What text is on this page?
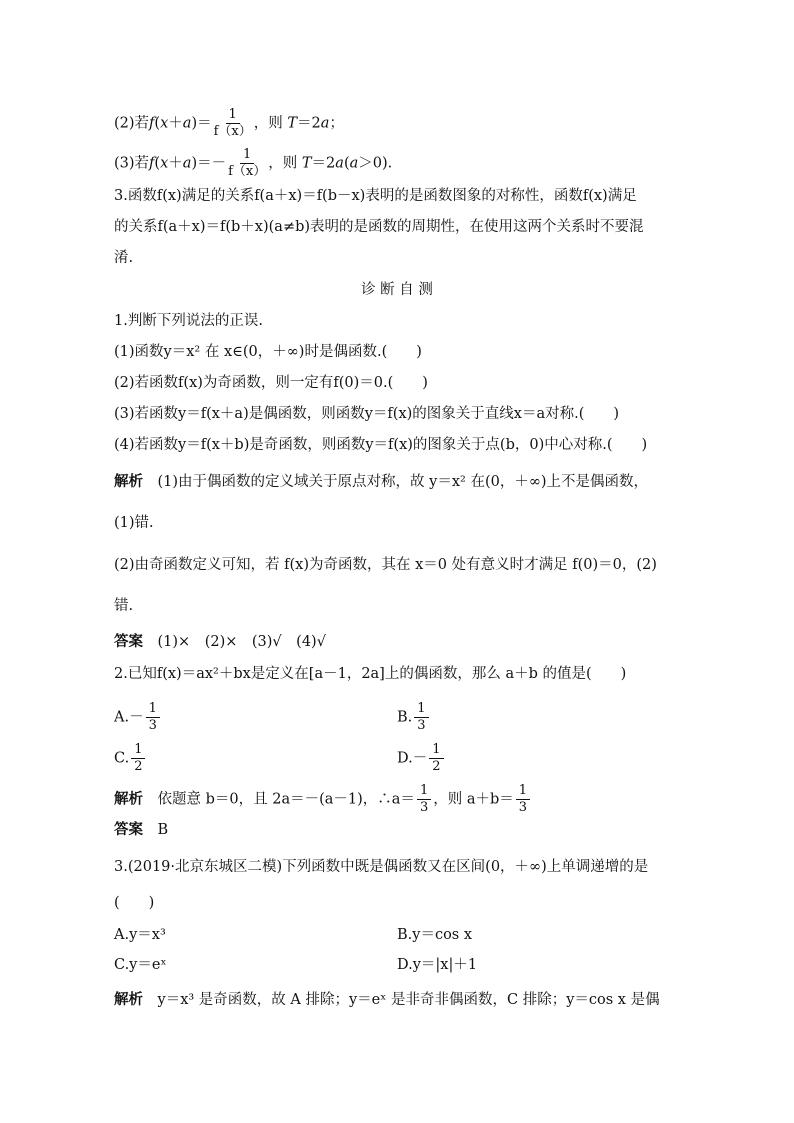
(2)若$f(x+a)= \frac{1}{f(x)}$ ，则 T＝2a；
(3)若$f(x+a)=- \frac{1}{f(x)}$ ，则 T＝2a(a＞0).
3.函数f(x)满足的关系f(a＋x)＝f(b－x)表明的是函数图象的对称性，函数f(x)满足
的关系f(a＋x)＝f(b＋x)(a≠b)表明的是函数的周期性，在使用这两个关系时不要混
淆.
诊 断 自 测
1.判断下列说法的正误.
(1)函数y＝x² 在 x∈(0，＋∞)时是偶函数.(　　)
(2)若函数f(x)为奇函数，则一定有f(0)＝0.(　　)
(3)若函数y＝f(x＋a)是偶函数，则函数y＝f(x)的图象关于直线x＝a对称.(　　)
(4)若函数y＝f(x＋b)是奇函数，则函数y＝f(x)的图象关于点(b，0)中心对称.(　　)
解析　 (1)由于偶函数的定义域关于原点对称，故 y＝x² 在(0，＋∞)上不是偶函数，
(1)错.
(2)由奇函数定义可知，若 f(x)为奇函数，其在 x＝0 处有意义时才满足 f(0)＝0，(2)
错.
答案　 (1)×　(2)×　(3)√　(4)√
2.已知f(x)＝ax²＋bx是定义在[a－1，2a]上的偶函数，那么 a＋b 的值是(　　)
$A.- \frac{1}{3}$	B. $\frac{1}{3}$
C. $\frac{1}{2}$	$D.- \frac{1}{2}$
解析　 依题意 b＝0，且 2a＝－(a－1)，∴a＝ $\frac{1}{3}$ ，则 $a+b= \frac{1}{3}$
答案　 B
3.(2019·北京东城区二模)下列函数中既是偶函数又在区间(0，＋∞)上单调递增的是
(　　)
A.y＝x³	B.y＝cos x
C.y＝eˣ	D.y＝|x|＋1
解析　 y＝x³ 是奇函数，故 A 排除；y＝eˣ 是非奇非偶函数，C 排除；y＝cos x 是偶
